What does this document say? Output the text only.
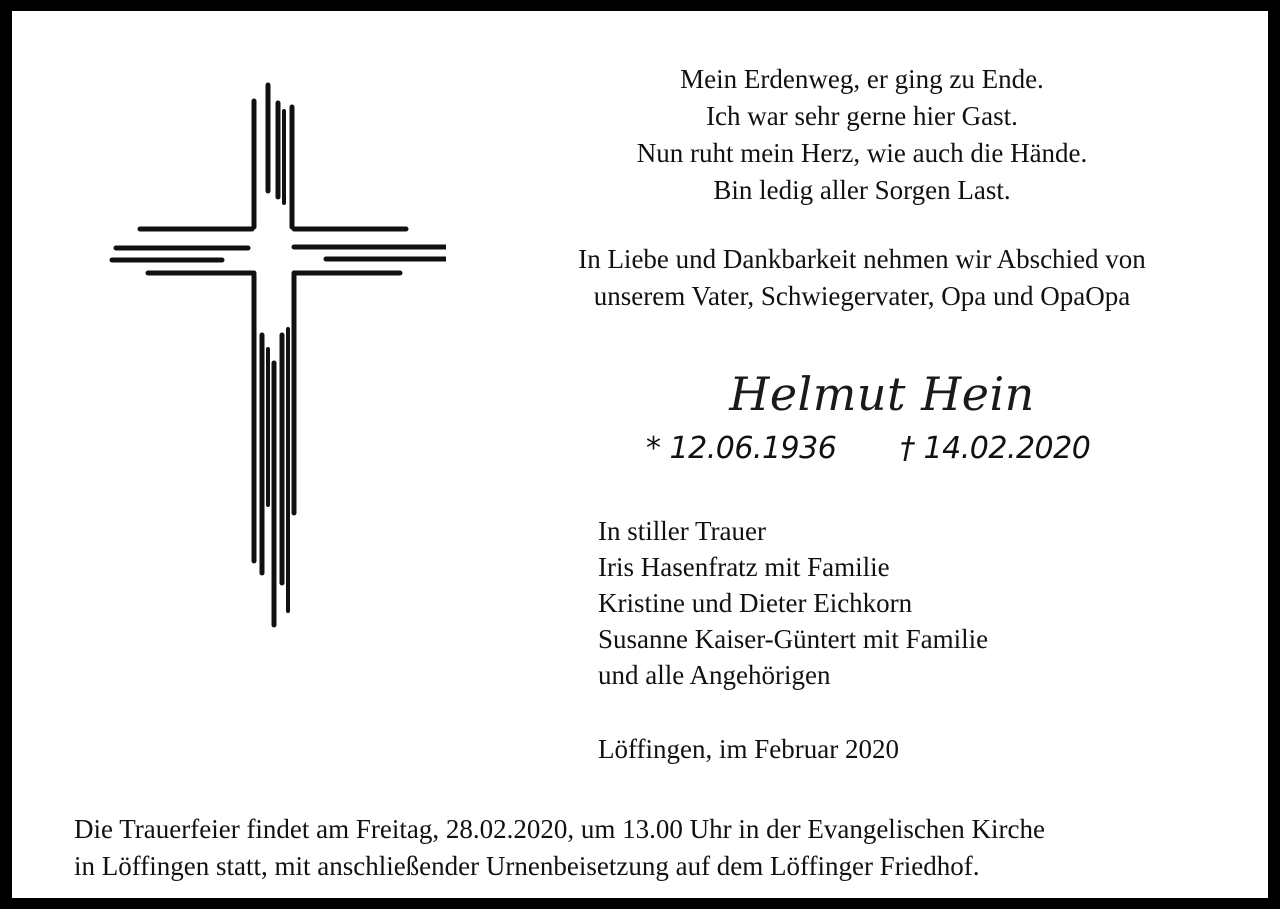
Mein Erdenweg, er ging zu Ende.

Ich war sehr gerne hier Gast.

Nun ruht mein Herz, wie auch die Hände.

Bin ledig aller Sorgen Last.

In Liebe und Dankbarkeit nehmen wir Abschied von

unserem Vater, Schwiegervater, Opa und OpaOpa

Helmut Hein
* 12.06.1936 † 14.02.2020
In stiller Trauer
Iris Hasenfratz mit Familie
Kristine und Dieter Eichkorn
Susanne Kaiser-Güntert mit Familie
und alle Angehörigen
Löffingen, im Februar 2020
Die Trauerfeier findet am Freitag, 28.02.2020, um 13.00 Uhr in der Evangelischen Kirche
in Löffingen statt, mit anschließender Urnenbeisetzung auf dem Löffinger Friedhof.
